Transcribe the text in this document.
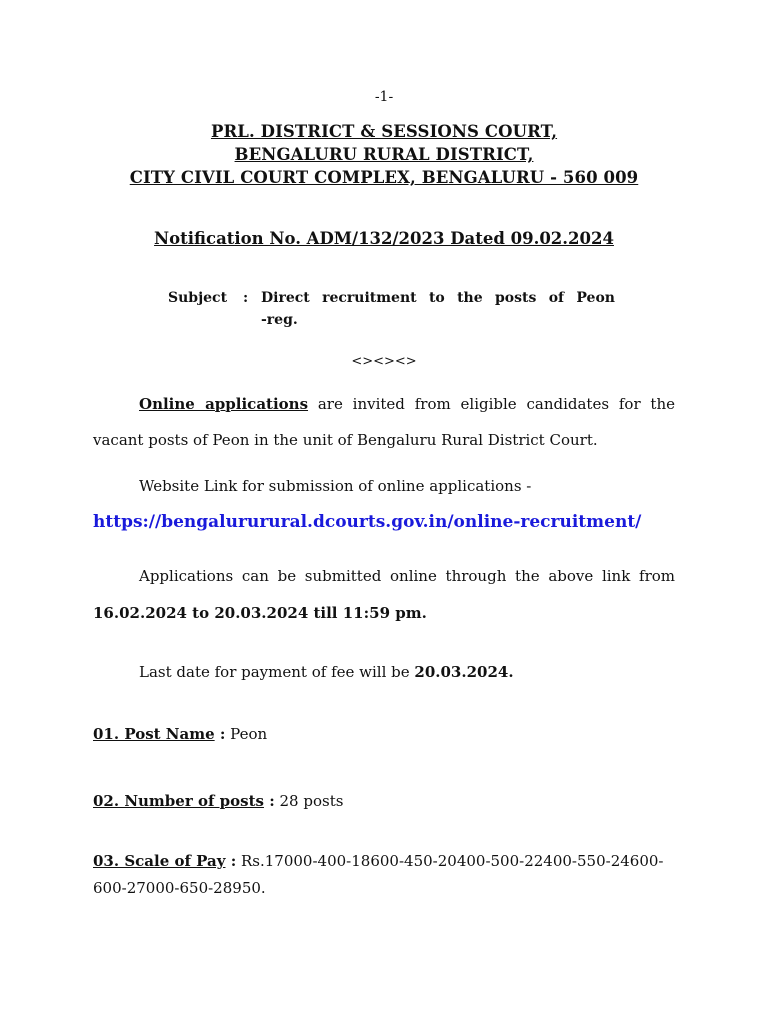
-1-
PRL. DISTRICT & SESSIONS COURT,
BENGALURU RURAL DISTRICT,
CITY CIVIL COURT COMPLEX, BENGALURU - 560 009
Notification No. ADM/132/2023 Dated 09.02.2024
Subject : Direct recruitment to the posts of Peon
-reg.
<><><>
Online applications are invited from eligible candidates for the
vacant posts of Peon in the unit of Bengaluru Rural District Court.
Website Link for submission of online applications -
https://bengalururural.dcourts.gov.in/online-recruitment/
Applications can be submitted online through the above link from
16.02.2024 to 20.03.2024 till 11:59 pm.
Last date for payment of fee will be 20.03.2024.
01. Post Name : Peon
02. Number of posts : 28 posts
03. Scale of Pay : Rs.17000-400-18600-450-20400-500-22400-550-24600-
600-27000-650-28950.
